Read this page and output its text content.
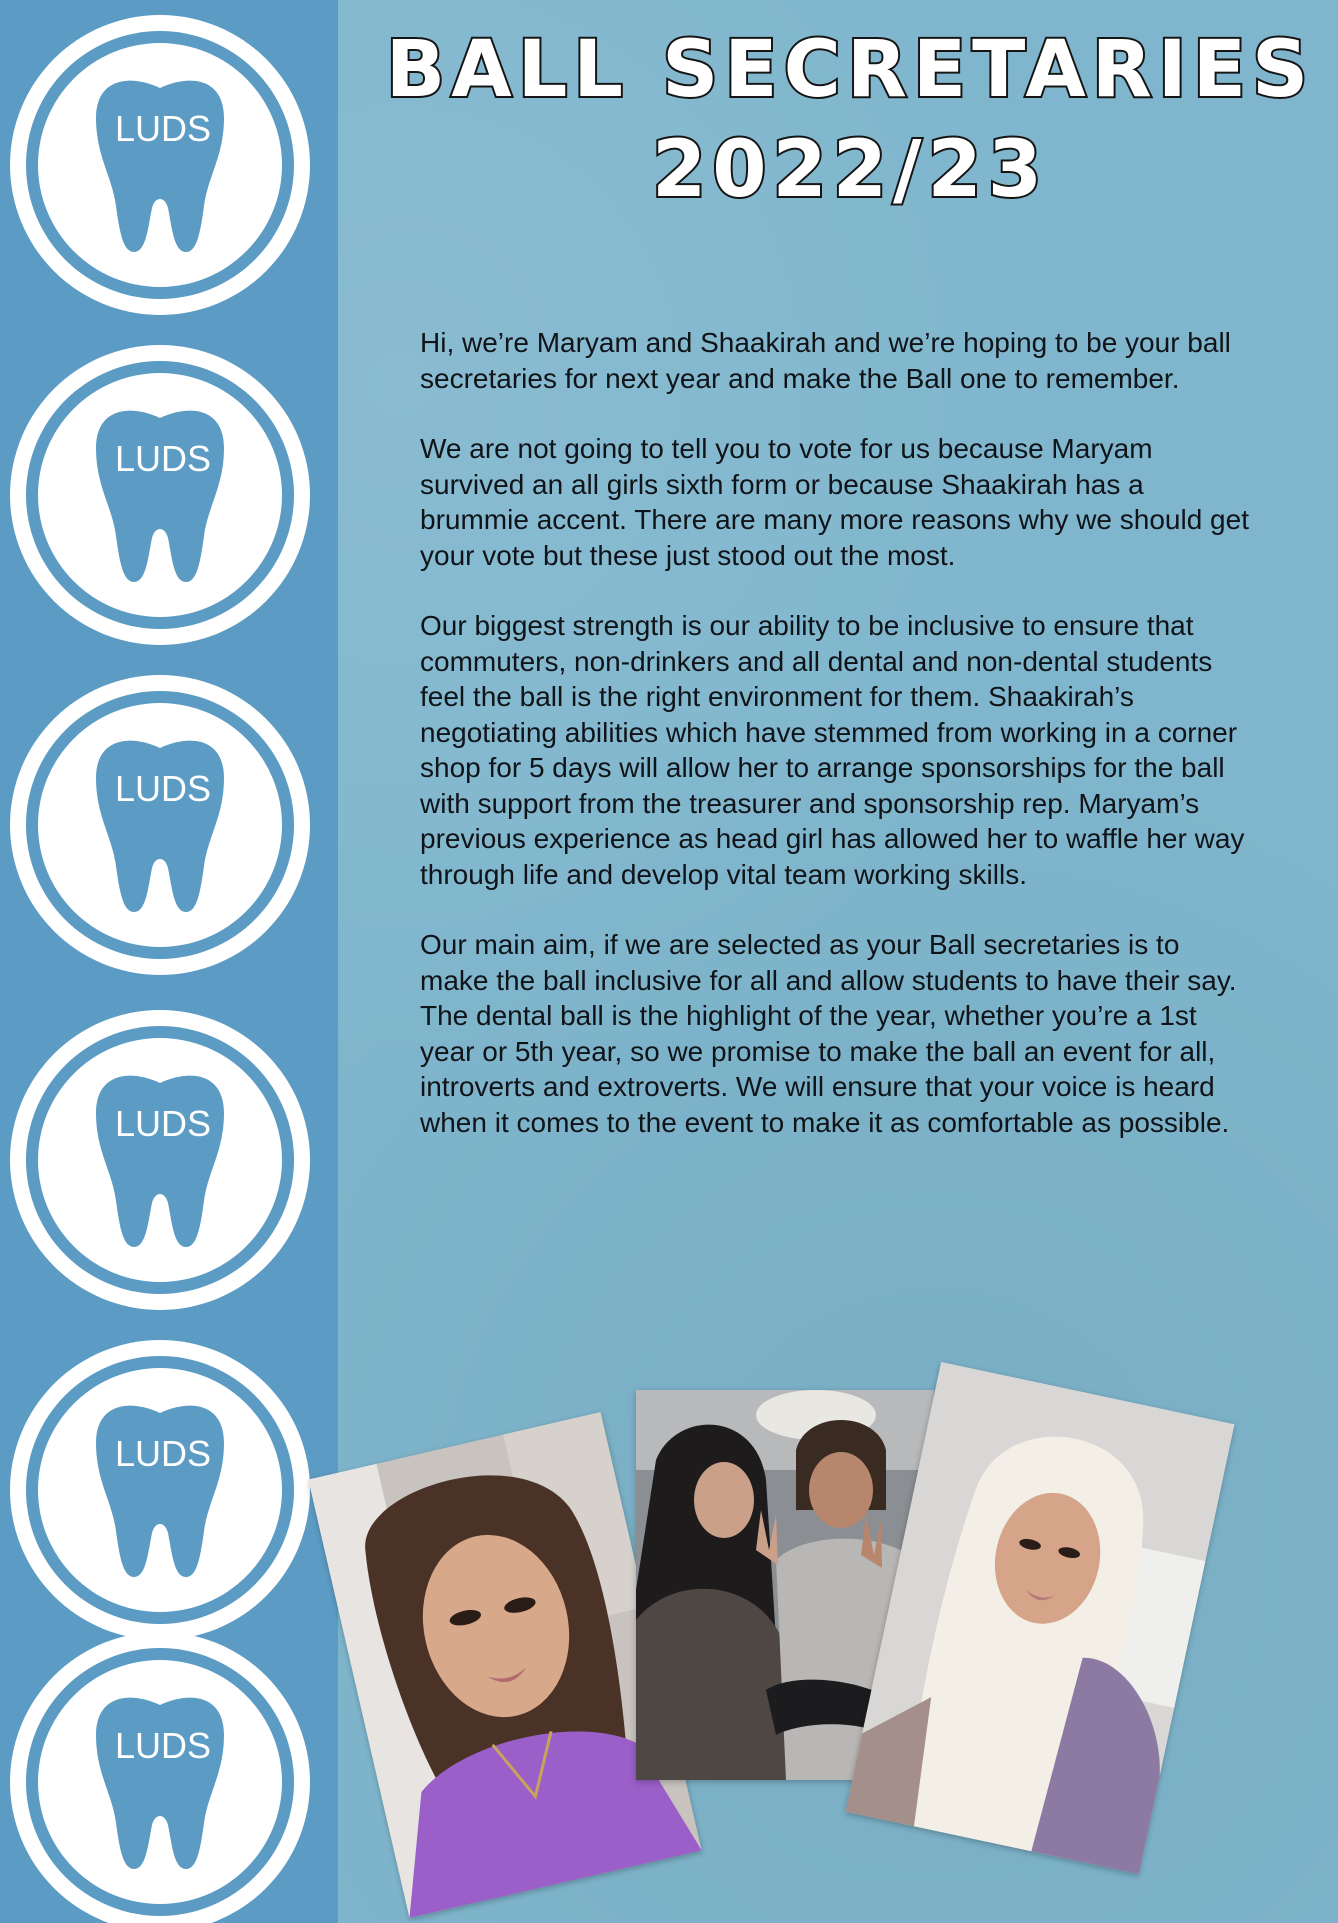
LUDS
LUDS
LUDS
LUDS
LUDS
LUDS
BALL SECRETARIES
2022/23

Hi, we’re Maryam and Shaakirah and we’re hoping to be your ball secretaries for next year and make the Ball one to remember.

We are not going to tell you to vote for us because Maryam survived an all girls sixth form or because Shaakirah has a brummie accent. There are many more reasons why we should get your vote but these just stood out the most.

Our biggest strength is our ability to be inclusive to ensure that commuters, non-drinkers and all dental and non-dental students feel the ball is the right environment for them. Shaakirah’s negotiating abilities which have stemmed from working in a corner shop for 5 days will allow her to arrange sponsorships for the ball with support from the treasurer and sponsorship rep. Maryam’s previous experience as head girl has allowed her to waffle her way through life and develop vital team working skills.

Our main aim, if we are selected as your Ball secretaries is to make the ball inclusive for all and allow students to have their say. The dental ball is the highlight of the year, whether you’re a 1st year or 5th year, so we promise to make the ball an event for all, introverts and extroverts. We will ensure that your voice is heard when it comes to the event to make it as comfortable as possible.
